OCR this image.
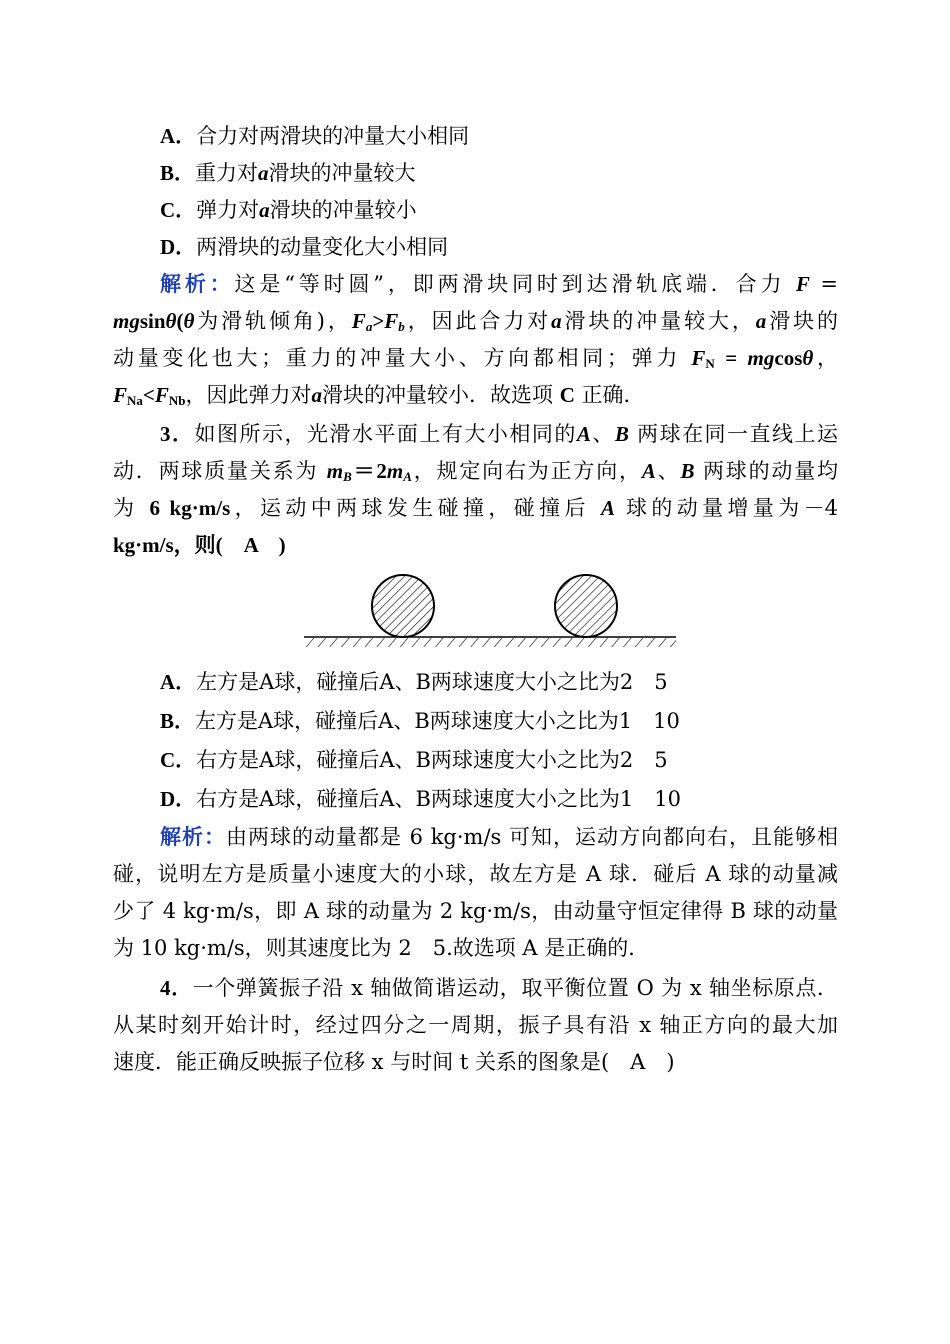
A．合力对两滑块的冲量大小相同
B．重力对a滑块的冲量较大
C．弹力对a滑块的冲量较小
D．两滑块的动量变化大小相同
解析：这是“等时圆”，即两滑块同时到达滑轨底端．合力 F =
mgsinθ(θ为滑轨倾角)，$F_a>F_b$，因此合力对a滑块的冲量较大，a滑块的
动量变化也大；重力的冲量大小、方向都相同；弹力 $F_N = mgcos\theta$，
$F_{Na}<F_{Nb}$，因此弹力对a滑块的冲量较小．故选项 C 正确．
3．如图所示，光滑水平面上有大小相同的A、B 两球在同一直线上运
动．两球质量关系为 $m_B=2m_A$，规定向右为正方向，A、B 两球的动量均
为 6 kg·m/s，运动中两球发生碰撞，碰撞后 A 球的动量增量为－4
kg·m/s，则(　A　)
A．左方是A球，碰撞后A、B两球速度大小之比为2　5
B．左方是A球，碰撞后A、B两球速度大小之比为1　10
C．右方是A球，碰撞后A、B两球速度大小之比为2　5
D．右方是A球，碰撞后A、B两球速度大小之比为1　10
解析：由两球的动量都是 6 kg·m/s 可知，运动方向都向右，且能够相
碰，说明左方是质量小速度大的小球，故左方是 A 球．碰后 A 球的动量减
少了 4 kg·m/s，即 A 球的动量为 2 kg·m/s，由动量守恒定律得 B 球的动量
为 10 kg·m/s，则其速度比为 2　5.故选项 A 是正确的．
4．一个弹簧振子沿 x 轴做简谐运动，取平衡位置 O 为 x 轴坐标原点．
从某时刻开始计时，经过四分之一周期，振子具有沿 x 轴正方向的最大加
速度．能正确反映振子位移 x 与时间 t 关系的图象是(　A　)
